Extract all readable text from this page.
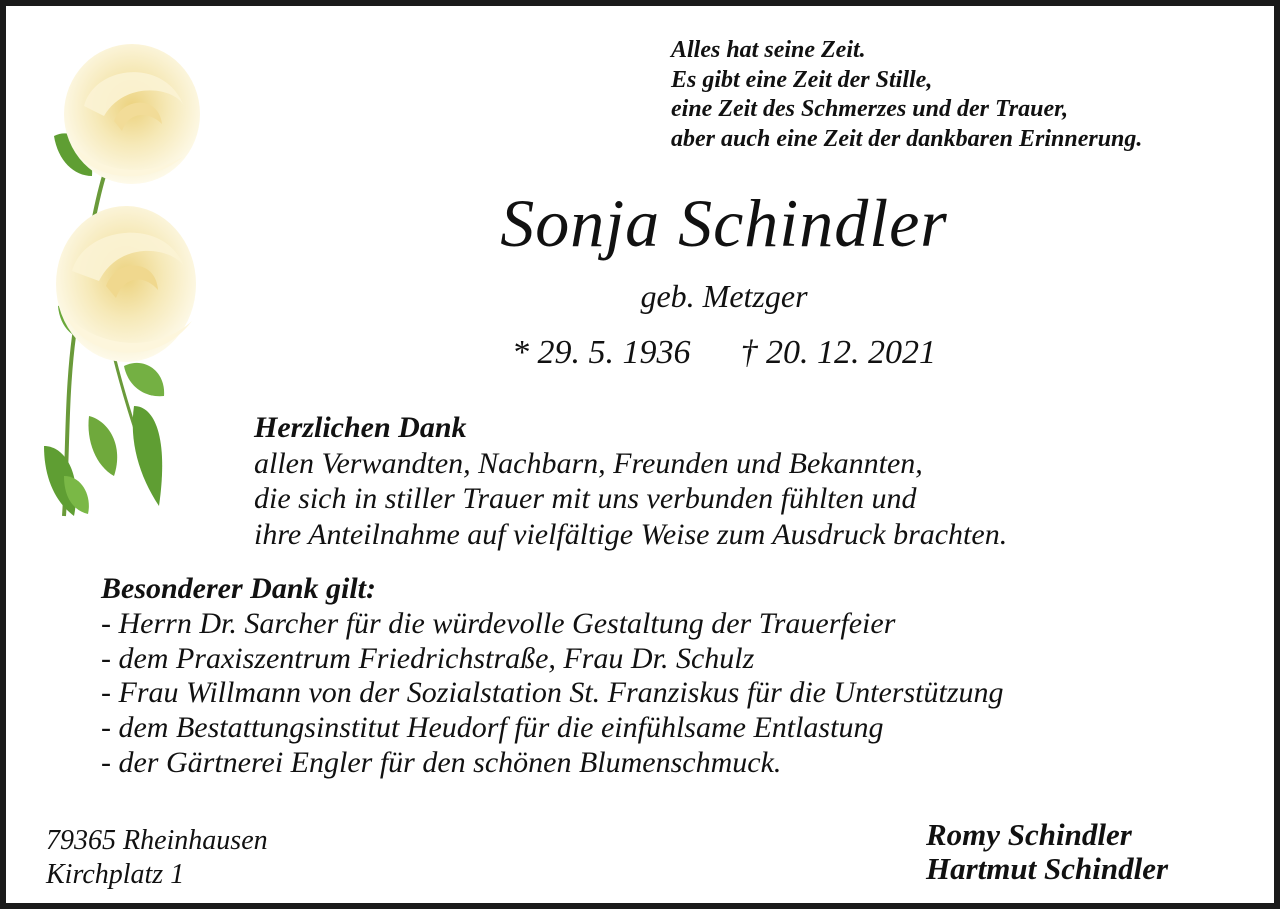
Alles hat seine Zeit.
Es gibt eine Zeit der Stille,
eine Zeit des Schmerzes und der Trauer,
aber auch eine Zeit der dankbaren Erinnerung.
Sonja Schindler
geb. Metzger
* 29. 5. 1936 † 20. 12. 2021
Herzlichen Dank
allen Verwandten, Nachbarn, Freunden und Bekannten,
die sich in stiller Trauer mit uns verbunden fühlten und
ihre Anteilnahme auf vielfältige Weise zum Ausdruck brachten.
Besonderer Dank gilt:
- Herrn Dr. Sarcher für die würdevolle Gestaltung der Trauerfeier
- dem Praxiszentrum Friedrichstraße, Frau Dr. Schulz
- Frau Willmann von der Sozialstation St. Franziskus für die Unterstützung
- dem Bestattungsinstitut Heudorf für die einfühlsame Entlastung
- der Gärtnerei Engler für den schönen Blumenschmuck.
79365 Rheinhausen
Kirchplatz 1
Romy Schindler
Hartmut Schindler
